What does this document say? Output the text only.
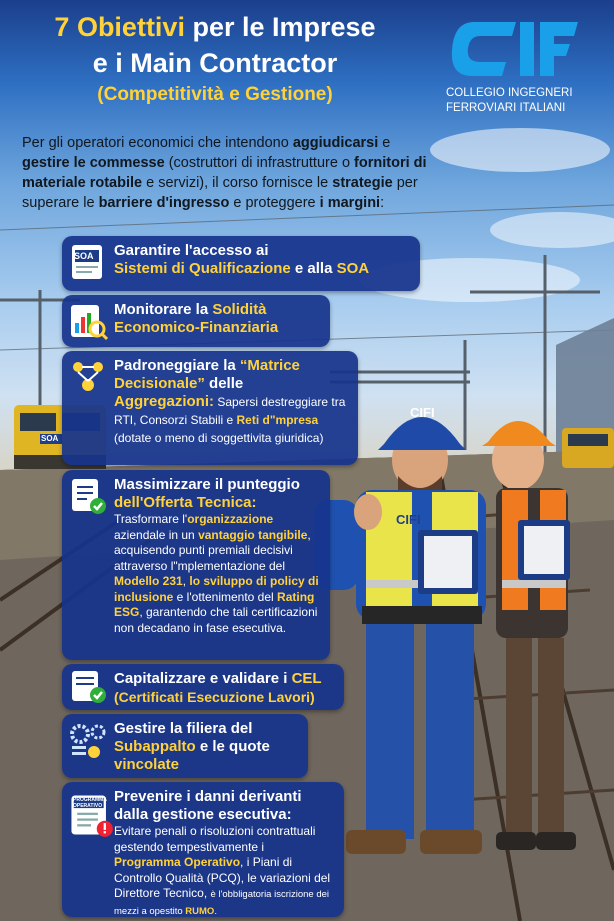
SOA
CIFI
CIFI
7 Obiettivi per le Imprese
e i Main Contractor
(Competitività e Gestione)	COLLEGIO INGEGNERI
FERROVIARI ITALIANI

Per gli operatori economici che intendono aggiudicarsi e gestire le commesse (costruttori di infrastrutture o fornitori di materiale rotabile e servizi), il corso fornisce le strategie per superare le barriere d'ingresso e proteggere i margini:

SOA Garantire l'accesso ai
Sistemi di Qualificazione e alla SOA
Monitorare la Solidità
Economico-Finanziaria
Padroneggiare la “Matrice Decisionale” delle
Aggregazioni: Sapersi destreggiare tra RTI, Consorzi Stabili e Reti d"mpresa (dotate o meno di soggettivita giuridica)
Massimizzare il punteggio
dell'Offerta Tecnica:
Trasformare l'organizzazione aziendale in un vantaggio tangibile, acquisendo punti premiali decisivi attraverso l"mplementazione del Modello 231, lo sviluppo di policy di inclusione e l'ottenimento del Rating ESG, garantendo che tali certificazioni non decadano in fase esecutiva.
Capitalizzare e validare i CEL
(Certificati Esecuzione Lavori)
Gestire la filiera del
Subappalto e le quote
vincolate
PROGRAMMA
OPERATIVO
Prevenire i danni derivanti
dalla gestione esecutiva:
Evitare penali o risoluzioni contrattuali gestendo tempestivamente i Programma Operativo, i Piani di Controllo Qualità (PCQ), le variazioni del Direttore Tecnico, è l'obbligatoria iscrizione dei mezzi a opestito RUMO.
